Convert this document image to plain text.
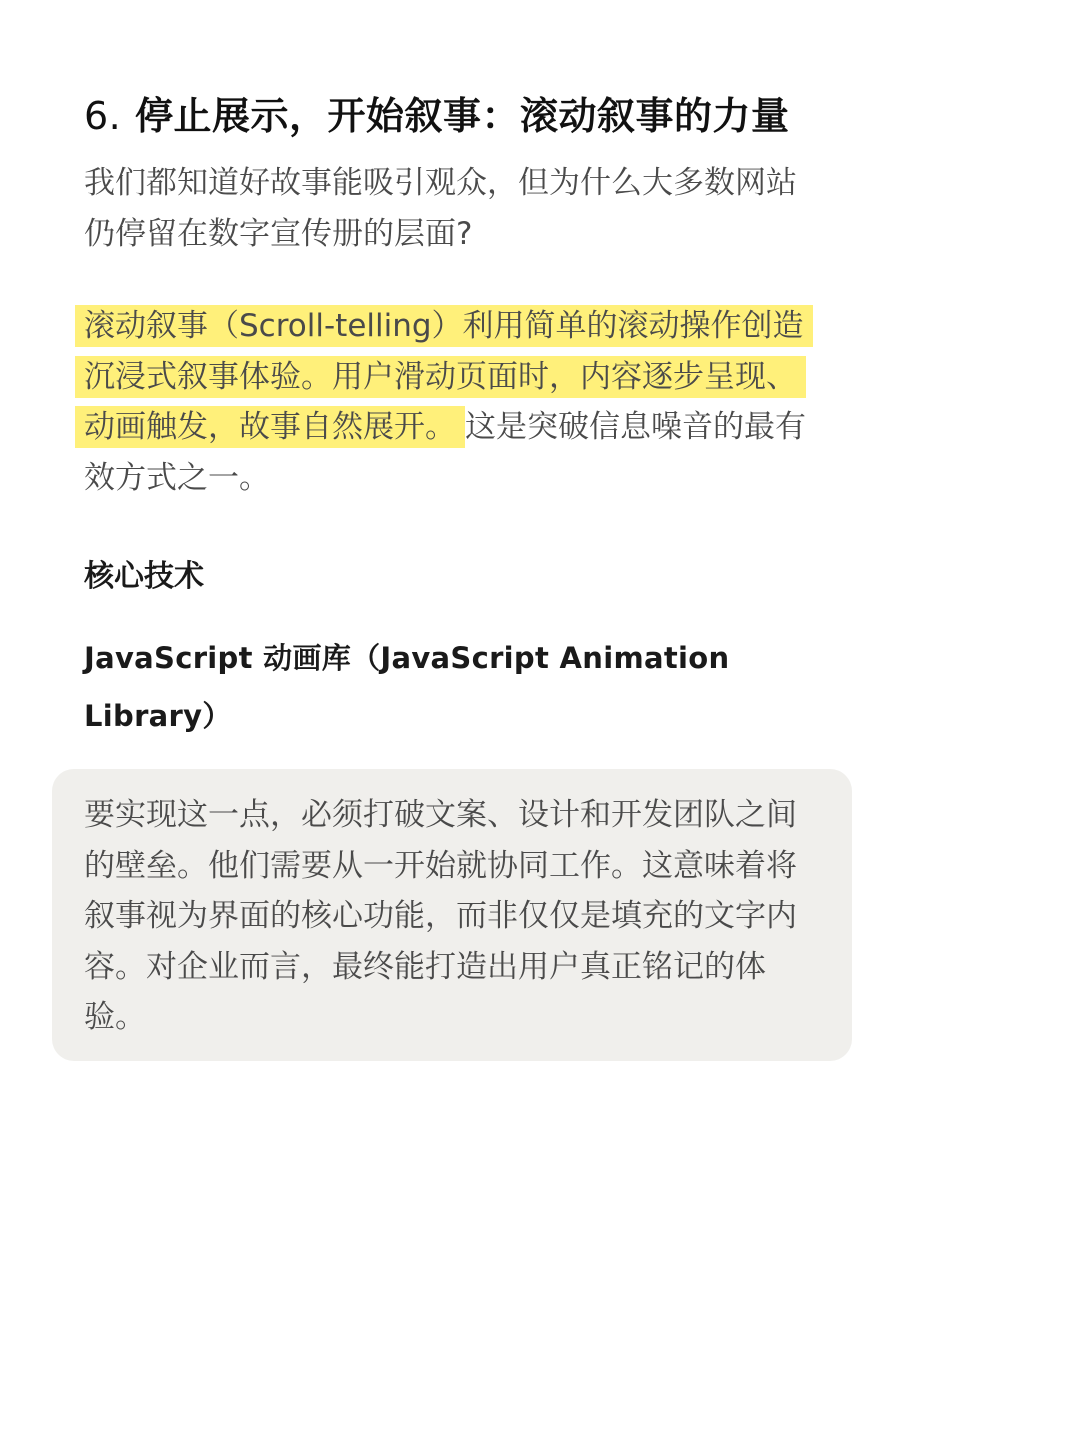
6. 停止展示，开始叙事：滚动叙事的力量

我们都知道好故事能吸引观众，但为什么大多数网站仍停留在数字宣传册的层面?

滚动叙事（Scroll-telling）利用简单的滚动操作创造沉浸式叙事体验。用户滑动页面时，内容逐步呈现、动画触发，故事自然展开。 这是突破信息噪音的最有效方式之一。

核心技术
JavaScript 动画库（JavaScript Animation Library）

要实现这一点，必须打破文案、设计和开发团队之间的壁垒。他们需要从一开始就协同工作。这意味着将叙事视为界面的核心功能，而非仅仅是填充的文字内容。对企业而言，最终能打造出用户真正铭记的体验。
